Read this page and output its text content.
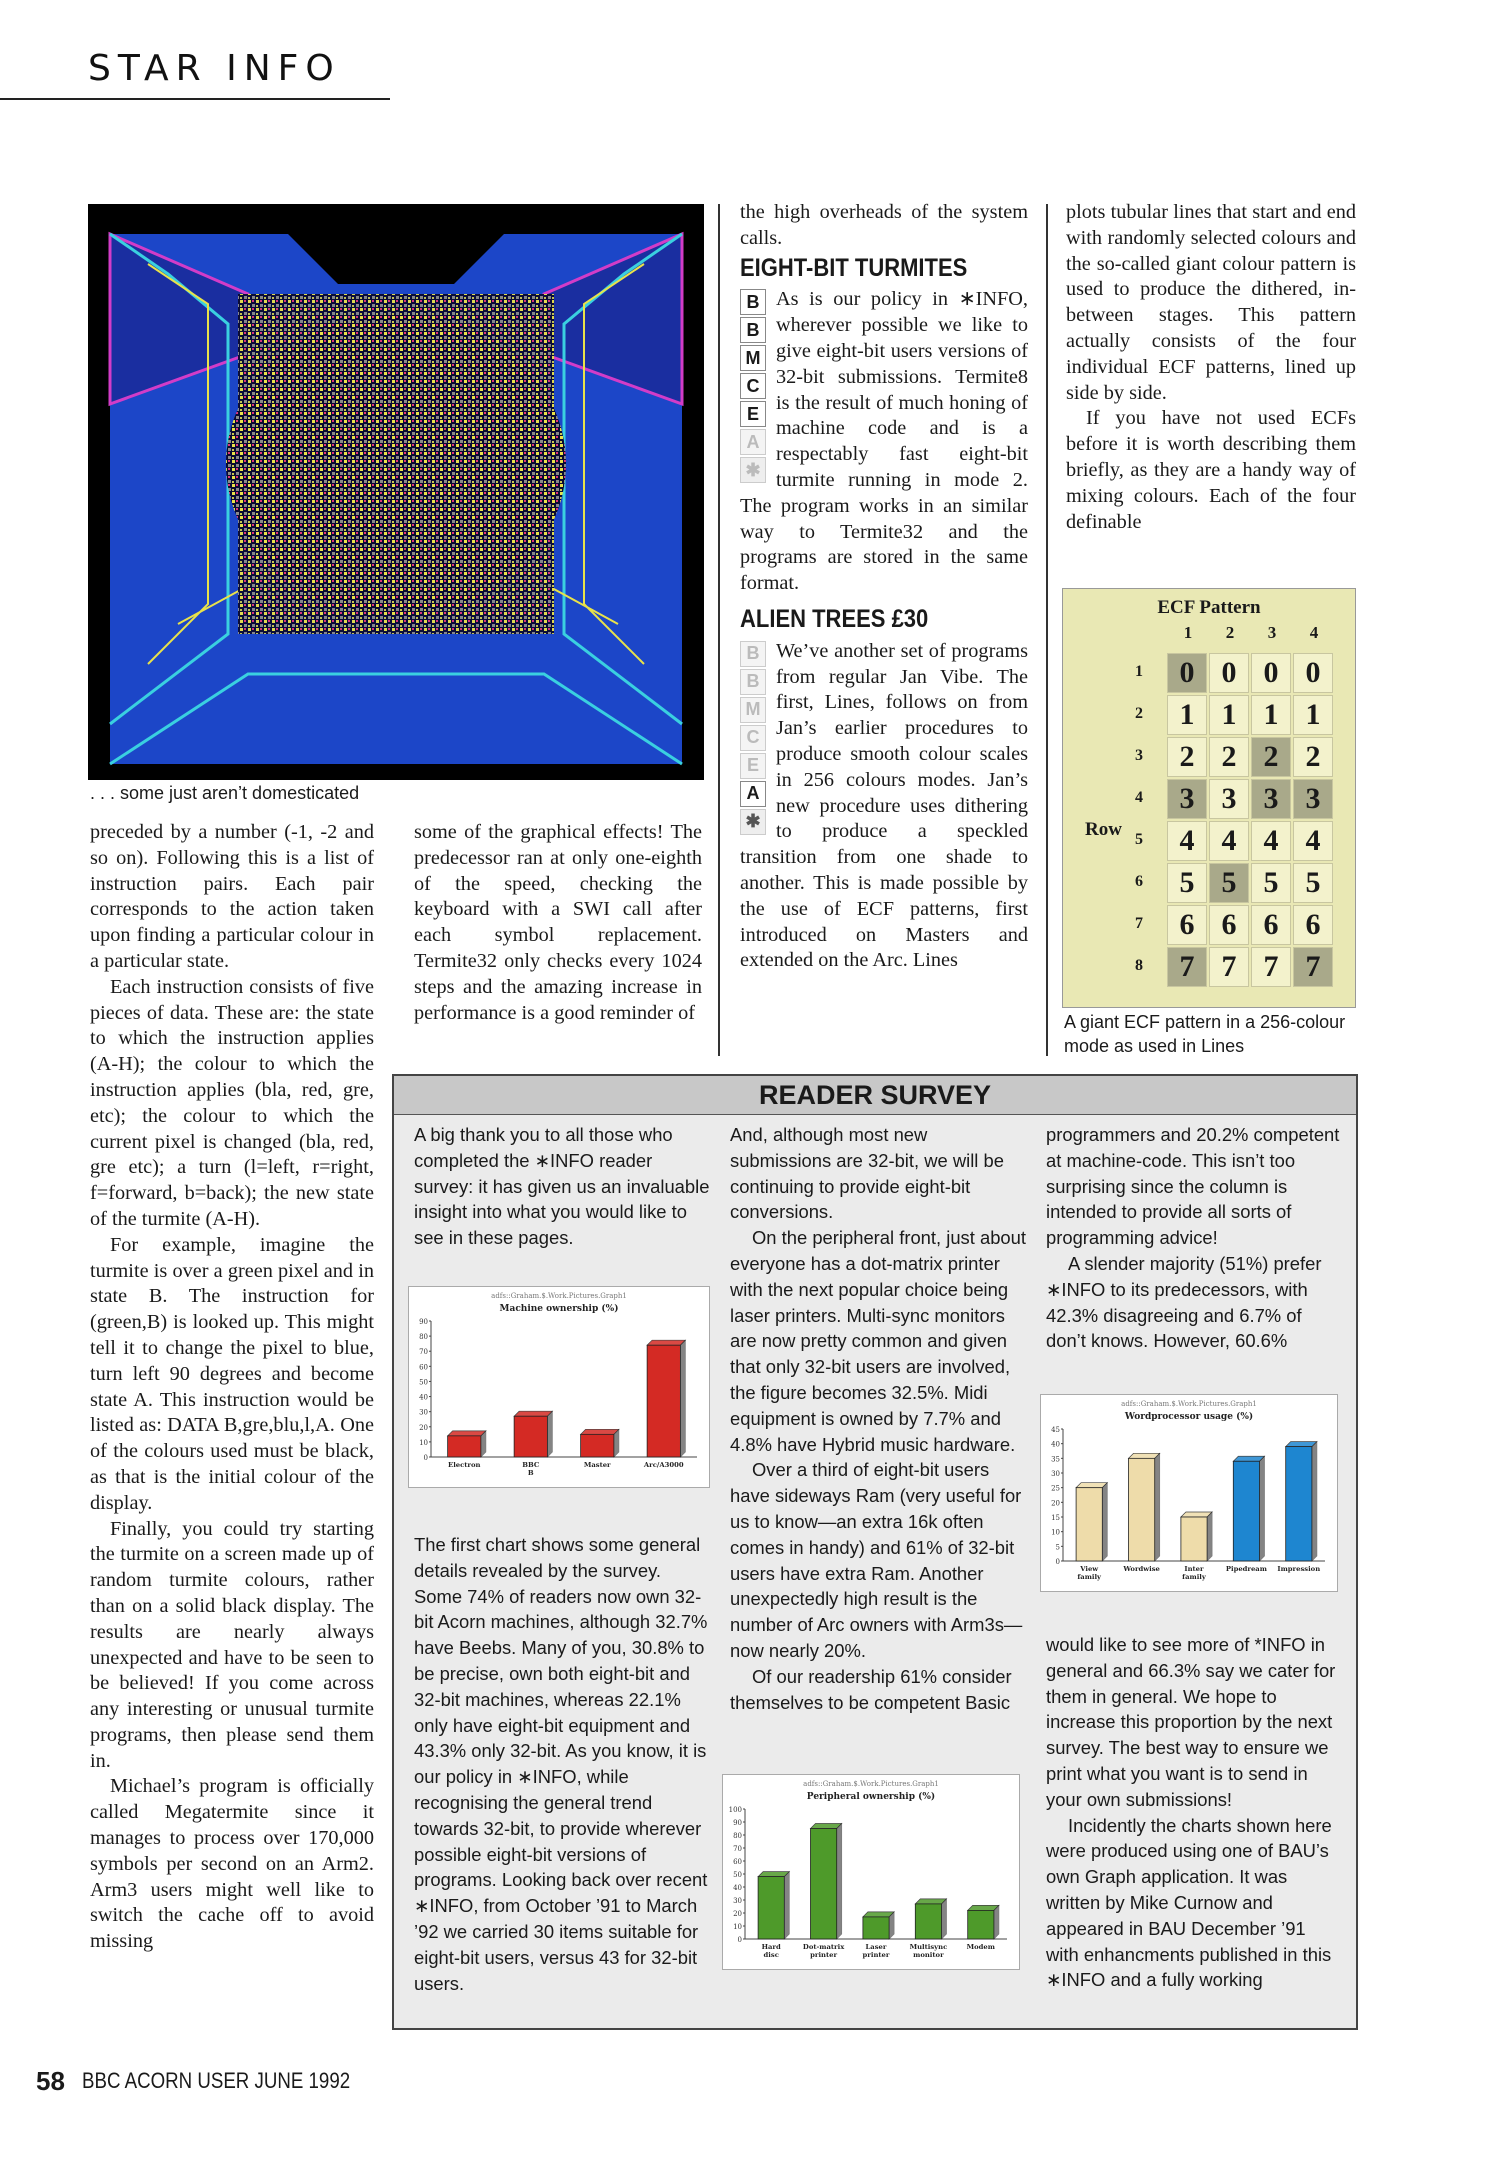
STAR INFO
. . . some just aren’t domesticated

preceded by a number (-1, -2 and so on). Following this is a list of instruction pairs. Each pair corresponds to the action taken upon finding a particular colour in a particular state.

Each instruction consists of five pieces of data. These are: the state to which the instruction applies (A-H); the colour to which the instruction applies (bla, red, gre, etc); the colour to which the current pixel is changed (bla, red, gre etc); a turn (l=left, r=right, f=forward, b=back); the new state of the turmite (A-H).

For example, imagine the turmite is over a green pixel and in state B. The instruction for (green,B) is looked up. This might tell it to change the pixel to blue, turn left 90 degrees and become state A. This instruction would be listed as: DATA B,gre,blu,l,A. One of the colours used must be black, as that is the initial colour of the display.

Finally, you could try starting the turmite on a screen made up of random turmite colours, rather than on a solid black display. The results are nearly always unexpected and have to be seen to be believed! If you come across any interesting or unusual turmite programs, then please send them in.

Michael’s program is officially called Megatermite since it manages to process over 170,000 symbols per second on an Arm2. Arm3 users might well like to switch the cache off to avoid missing

some of the graphical effects! The predecessor ran at only one-eighth of the speed, checking the keyboard with a SWI call after each symbol replacement. Termite32 only checks every 1024 steps and the amazing increase in performance is a good reminder of

the high overheads of the system calls.

EIGHT-BIT TURMITES
B
B
M
C
E
A
✱

As is our policy in ∗INFO, wherever possible we like to give eight-bit users versions of 32-bit submissions. Termite8 is the result of much honing of machine code and is a respectably fast eight-bit turmite running in mode 2. The program works in an similar way to Termite32 and the programs are stored in the same format.

ALIEN TREES £30
B
B
M
C
E
A
✱

We’ve another set of programs from regular Jan Vibe. The first, Lines, follows on from Jan’s earlier procedures to produce smooth colour scales in 256 colours modes. Jan’s new procedure uses dithering to produce a speckled transition from one shade to another. This is made possible by the use of ECF patterns, first introduced on Masters and extended on the Arc. Lines

plots tubular lines that start and end with randomly selected colours and the so-called giant colour pattern is used to produce the dithered, in-between stages. This pattern actually consists of the four individual ECF patterns, lined up side by side.

If you have not used ECFs before it is worth describing them briefly, as they are a handy way of mixing colours. Each of the four definable

ECF Pattern
1	2	3	4
1	0 0 0 0
2	1 1 1 1
3	2 2 2 2
4	3 3 3 3
5	4 4 4 4
6	5 5 5 5
7	6 6 6 6
8	7 7 7 7
Row
A giant ECF pattern in a 256-colour mode as used in Lines
READER SURVEY

A big thank you to all those who completed the ∗INFO reader survey: it has given us an invaluable insight into what you would like to see in these pages.

adfs::Graham.$.Work.Pictures.Graph1
Machine ownership (%)
0
10
20
30
40
50
60
70
80
90
Electron	BBC
B
Master	Arc/A3000

The first chart shows some general details revealed by the survey. Some 74% of readers now own 32-bit Acorn machines, although 32.7% have Beebs. Many of you, 30.8% to be precise, own both eight-bit and 32-bit machines, whereas 22.1% only have eight-bit equipment and 43.3% only 32-bit. As you know, it is our policy in ∗INFO, while recognising the general trend towards 32-bit, to provide wherever possible eight-bit versions of programs. Looking back over recent ∗INFO, from October ’91 to March ’92 we carried 30 items suitable for eight-bit users, versus 43 for 32-bit users.

And, although most new submissions are 32-bit, we will be continuing to provide eight-bit conversions.

On the peripheral front, just about everyone has a dot-matrix printer with the next popular choice being laser printers. Multi-sync monitors are now pretty common and given that only 32-bit users are involved, the figure becomes 32.5%. Midi equipment is owned by 7.7% and 4.8% have Hybrid music hardware.

Over a third of eight-bit users have sideways Ram (very useful for us to know—an extra 16k often comes in handy) and 61% of 32-bit users have extra Ram. Another unexpectedly high result is the number of Arc owners with Arm3s—now nearly 20%.

Of our readership 61% consider themselves to be competent Basic

adfs::Graham.$.Work.Pictures.Graph1
Peripheral ownership (%)
0
10
20
30
40
50
60
70
80
90
100
Hard
disc
Dot-matrix
printer
Laser
printer
Multisync
monitor
Modem

programmers and 20.2% competent at machine-code. This isn’t too surprising since the column is intended to provide all sorts of programming advice!

A slender majority (51%) prefer ∗INFO to its predecessors, with 42.3% disagreeing and 6.7% of don’t knows. However, 60.6%

adfs::Graham.$.Work.Pictures.Graph1
Wordprocessor usage (%)
0
5
10
15
20
25
30
35
40
45
View
family
Wordwise	Inter
family
Pipedream Impression

would like to see more of *INFO in general and 66.3% say we cater for them in general. We hope to increase this proportion by the next survey. The best way to ensure we print what you want is to send in your own submissions!

Incidently the charts shown here were produced using one of BAU’s own Graph application. It was written by Mike Curnow and appeared in BAU December ’91 with enhancments published in this ∗INFO and a fully working

58 BBC ACORN USER JUNE 1992
